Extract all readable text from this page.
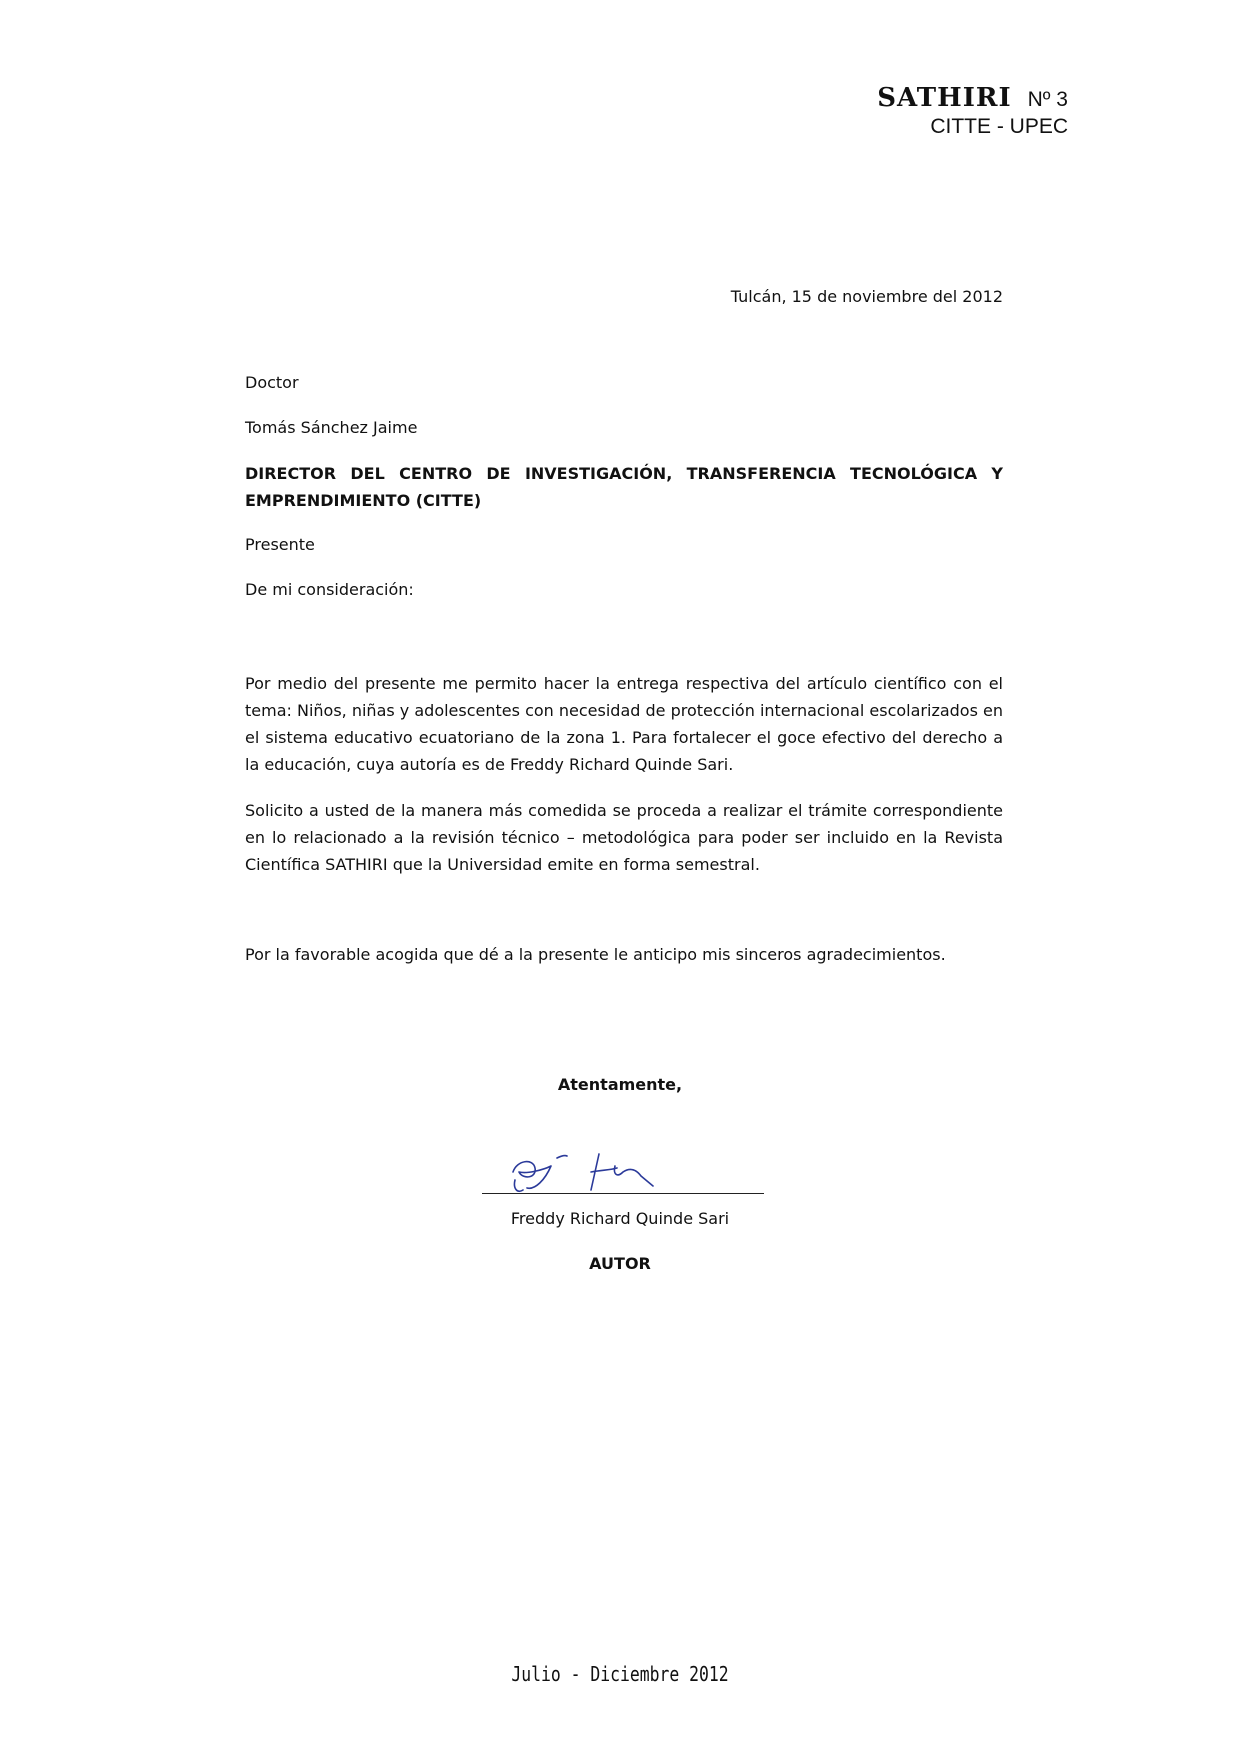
SATHIRI Nº 3
CITTE - UPEC
Tulcán, 15 de noviembre del 2012
Doctor
Tomás Sánchez Jaime
DIRECTOR DEL CENTRO DE INVESTIGACIÓN, TRANSFERENCIA TECNOLÓGICA Y EMPRENDIMIENTO (CITTE)
Presente
De mi consideración:
Por medio del presente me permito hacer la entrega respectiva del artículo científico con el tema: Niños, niñas y adolescentes con necesidad de protección internacional escolarizados en el sistema educativo ecuatoriano de la zona 1. Para fortalecer el goce efectivo del derecho a la educación, cuya autoría es de Freddy Richard Quinde Sari.
Solicito a usted de la manera más comedida se proceda a realizar el trámite correspondiente en lo relacionado a la revisión técnico – metodológica para poder ser incluido en la Revista Científica SATHIRI que la Universidad emite en forma semestral.
Por la favorable acogida que dé a la presente le anticipo mis sinceros agradecimientos.
Atentamente,
Freddy Richard Quinde Sari
AUTOR
Julio - Diciembre 2012
